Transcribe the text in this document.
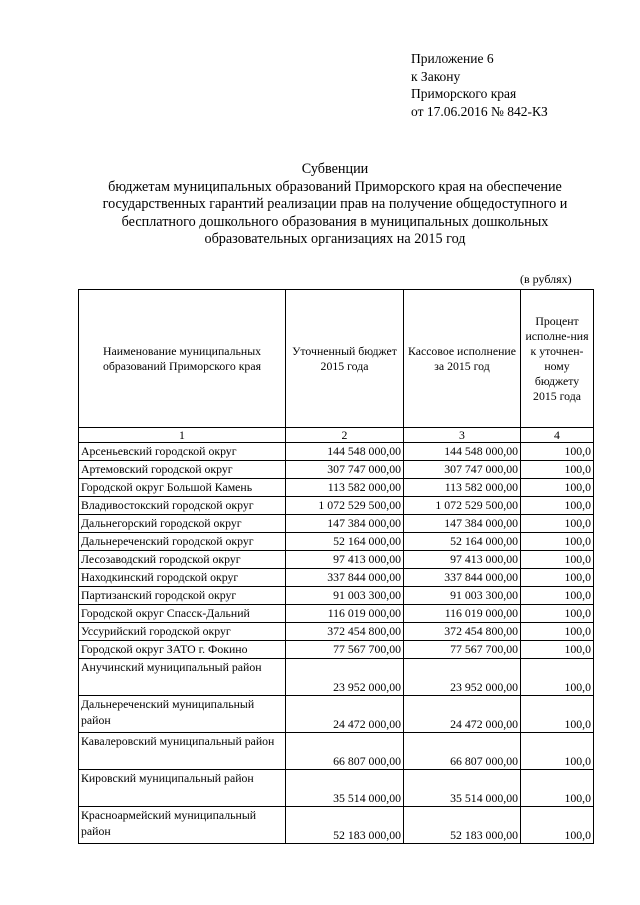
Приложение 6
к Закону
Приморского края
от 17.06.2016 № 842-КЗ
Субвенции
бюджетам муниципальных образований Приморского края на обеспечение
государственных гарантий реализации прав на получение общедоступного и
бесплатного дошкольного образования в муниципальных дошкольных
образовательных организациях на 2015 год
(в рублях)
Наименование муниципальных образований Приморского края	Уточненный бюджет 2015 года	Кассовое исполнение за 2015 год	Процент исполне-ния к уточнен-ному бюджету 2015 года
1	2	3	4
Арсеньевский городской округ	144 548 000,00	144 548 000,00	100,0
Артемовский городской округ	307 747 000,00	307 747 000,00	100,0
Городской округ Большой Камень	113 582 000,00	113 582 000,00	100,0
Владивостокский городской округ	1 072 529 500,00	1 072 529 500,00	100,0
Дальнегорский городской округ	147 384 000,00	147 384 000,00	100,0
Дальнереченский городской округ	52 164 000,00	52 164 000,00	100,0
Лесозаводский городской округ	97 413 000,00	97 413 000,00	100,0
Находкинский городской округ	337 844 000,00	337 844 000,00	100,0
Партизанский городской округ	91 003 300,00	91 003 300,00	100,0
Городской округ Спасск-Дальний	116 019 000,00	116 019 000,00	100,0
Уссурийский городской округ	372 454 800,00	372 454 800,00	100,0
Городской округ ЗАТО г. Фокино	77 567 700,00	77 567 700,00	100,0
Анучинский муниципальный район	23 952 000,00	23 952 000,00	100,0
Дальнереченский муниципальный район	24 472 000,00	24 472 000,00	100,0
Кавалеровский муниципальный район	66 807 000,00	66 807 000,00	100,0
Кировский муниципальный район	35 514 000,00	35 514 000,00	100,0
Красноармейский муниципальный район	52 183 000,00	52 183 000,00	100,0
